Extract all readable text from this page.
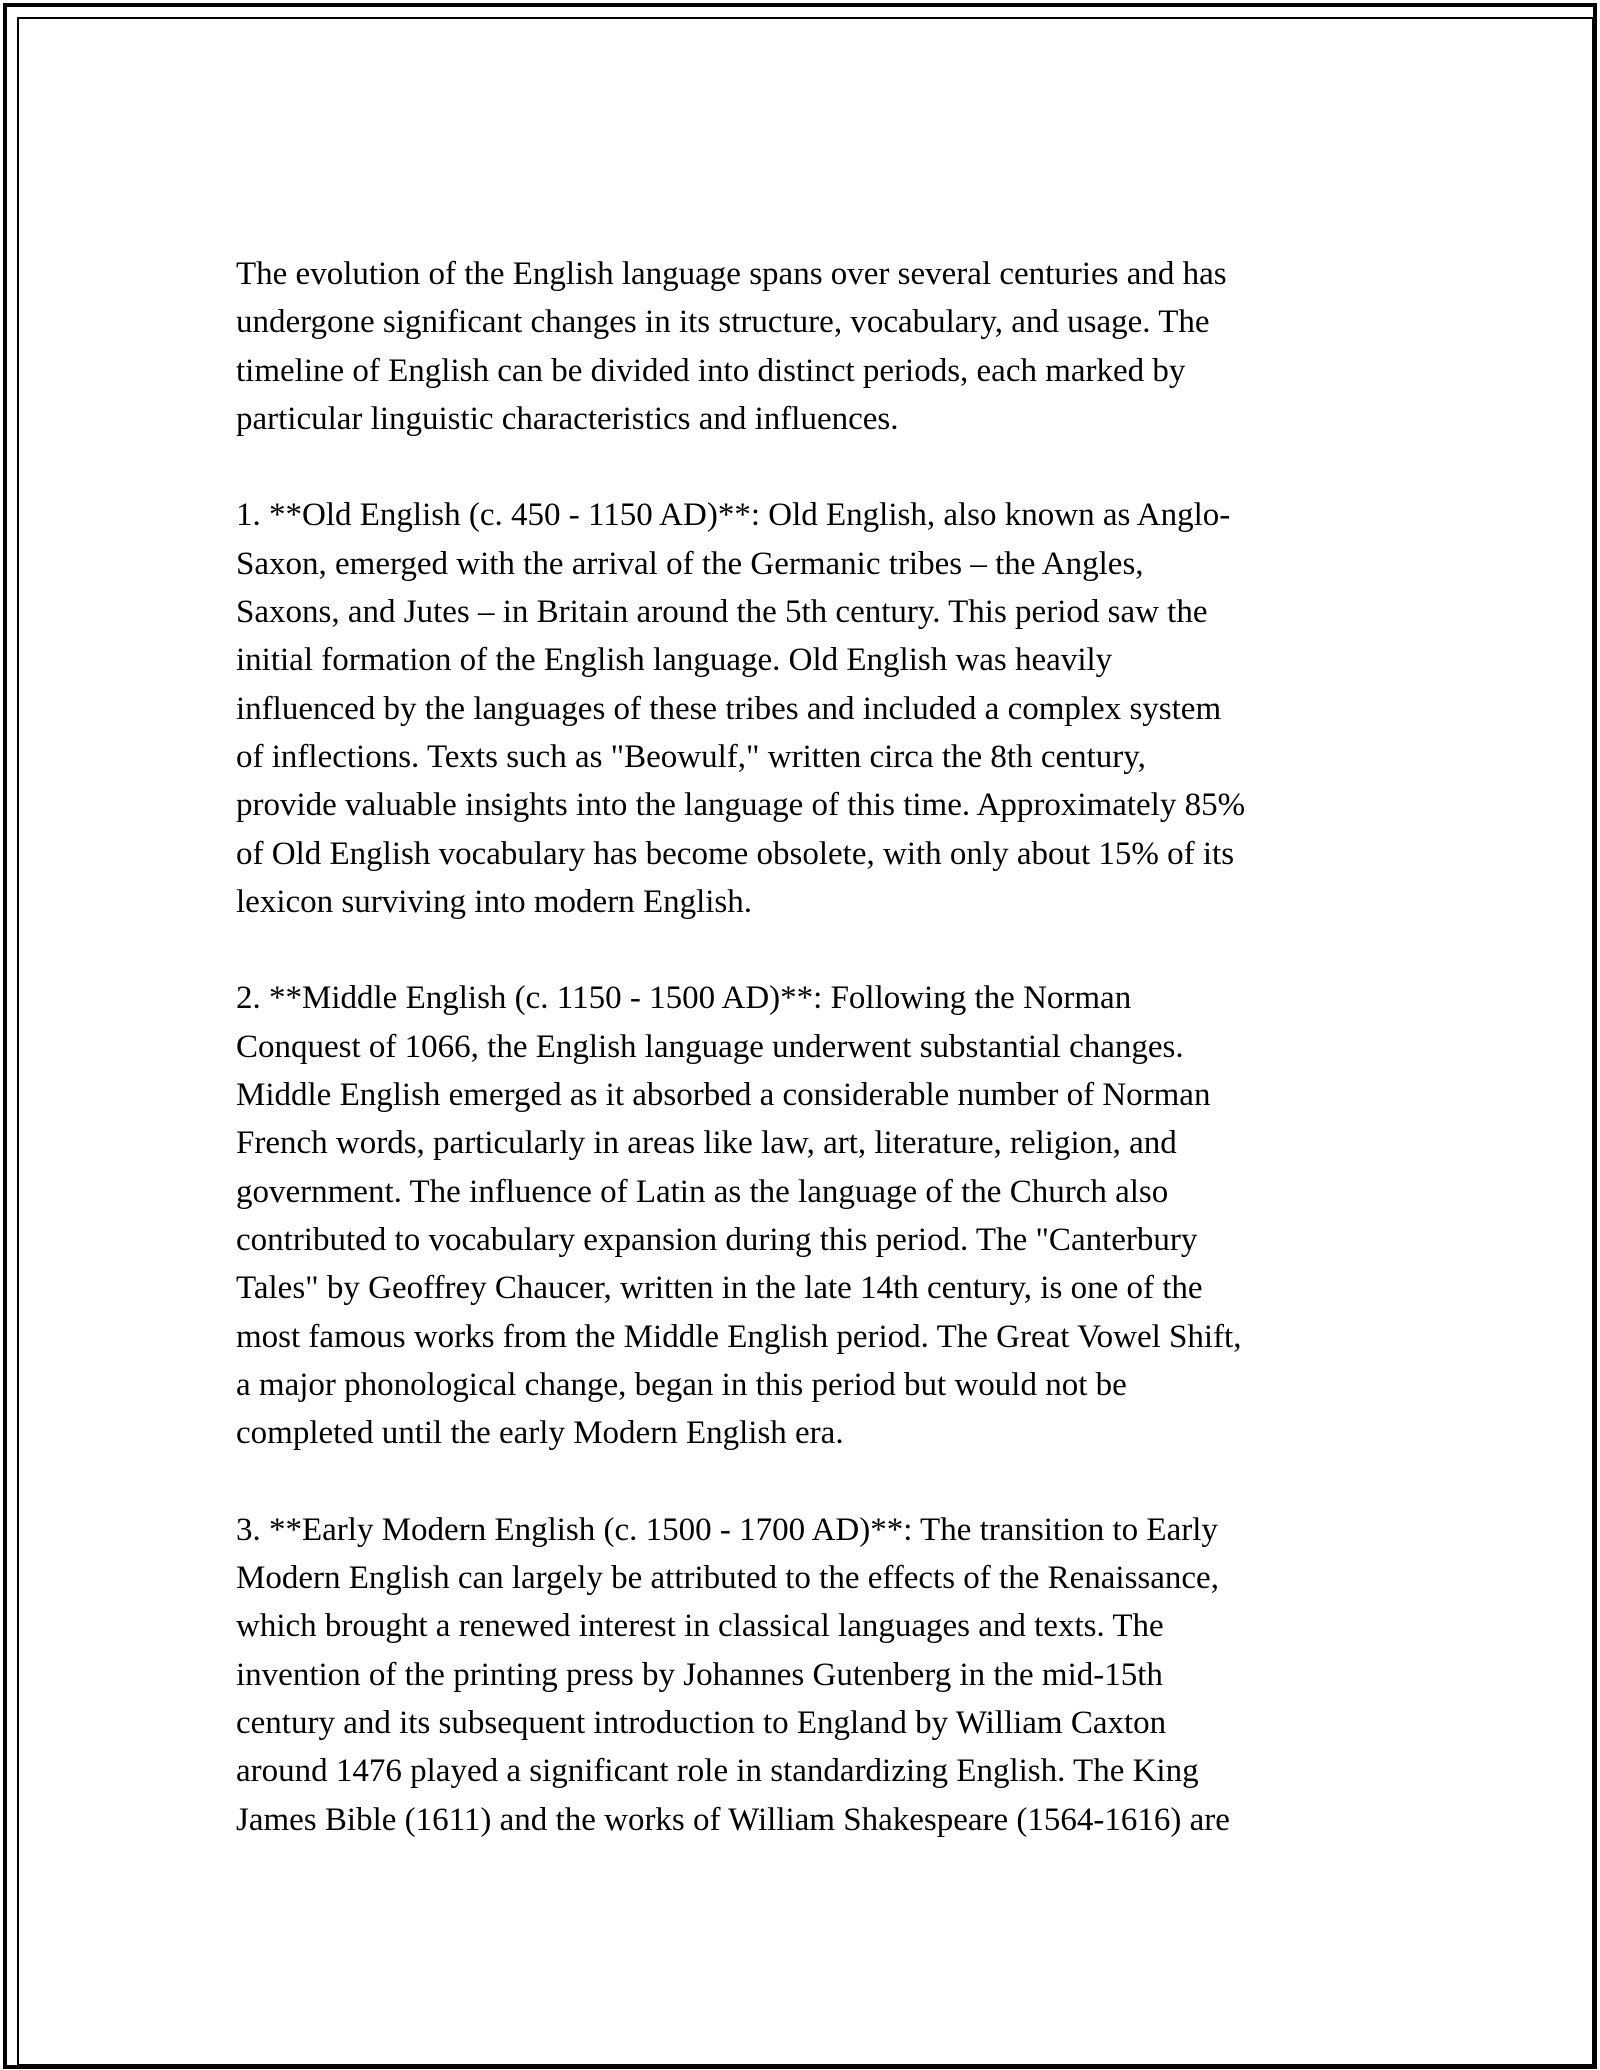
The evolution of the English language spans over several centuries and has
undergone significant changes in its structure, vocabulary, and usage. The
timeline of English can be divided into distinct periods, each marked by
particular linguistic characteristics and influences.

1. **Old English (c. 450 - 1150 AD)**: Old English, also known as Anglo-
Saxon, emerged with the arrival of the Germanic tribes – the Angles,
Saxons, and Jutes – in Britain around the 5th century. This period saw the
initial formation of the English language. Old English was heavily
influenced by the languages of these tribes and included a complex system
of inflections. Texts such as "Beowulf," written circa the 8th century,
provide valuable insights into the language of this time. Approximately 85%
of Old English vocabulary has become obsolete, with only about 15% of its
lexicon surviving into modern English.

2. **Middle English (c. 1150 - 1500 AD)**: Following the Norman
Conquest of 1066, the English language underwent substantial changes.
Middle English emerged as it absorbed a considerable number of Norman
French words, particularly in areas like law, art, literature, religion, and
government. The influence of Latin as the language of the Church also
contributed to vocabulary expansion during this period. The "Canterbury
Tales" by Geoffrey Chaucer, written in the late 14th century, is one of the
most famous works from the Middle English period. The Great Vowel Shift,
a major phonological change, began in this period but would not be
completed until the early Modern English era.

3. **Early Modern English (c. 1500 - 1700 AD)**: The transition to Early
Modern English can largely be attributed to the effects of the Renaissance,
which brought a renewed interest in classical languages and texts. The
invention of the printing press by Johannes Gutenberg in the mid-15th
century and its subsequent introduction to England by William Caxton
around 1476 played a significant role in standardizing English. The King
James Bible (1611) and the works of William Shakespeare (1564-1616) are
